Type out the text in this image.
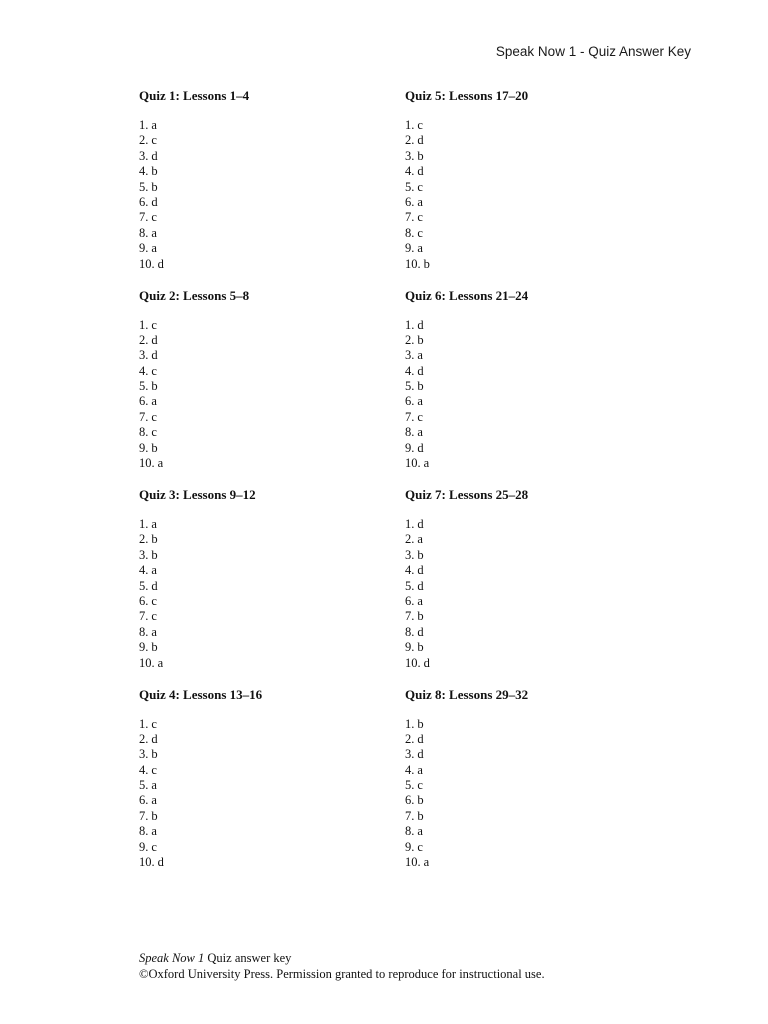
Speak Now 1 - Quiz Answer Key
Quiz 1: Lessons 1–4
1. a
2. c
3. d
4. b
5. b
6. d
7. c
8. a
9. a
10. d
Quiz 2: Lessons 5–8
1. c
2. d
3. d
4. c
5. b
6. a
7. c
8. c
9. b
10. a
Quiz 3: Lessons 9–12
1. a
2. b
3. b
4. a
5. d
6. c
7. c
8. a
9. b
10. a
Quiz 4: Lessons 13–16
1. c
2. d
3. b
4. c
5. a
6. a
7. b
8. a
9. c
10. d
Quiz 5: Lessons 17–20
1. c
2. d
3. b
4. d
5. c
6. a
7. c
8. c
9. a
10. b
Quiz 6: Lessons 21–24
1. d
2. b
3. a
4. d
5. b
6. a
7. c
8. a
9. d
10. a
Quiz 7: Lessons 25–28
1. d
2. a
3. b
4. d
5. d
6. a
7. b
8. d
9. b
10. d
Quiz 8: Lessons 29–32
1. b
2. d
3. d
4. a
5. c
6. b
7. b
8. a
9. c
10. a
Speak Now 1 Quiz answer key
©Oxford University Press. Permission granted to reproduce for instructional use.
